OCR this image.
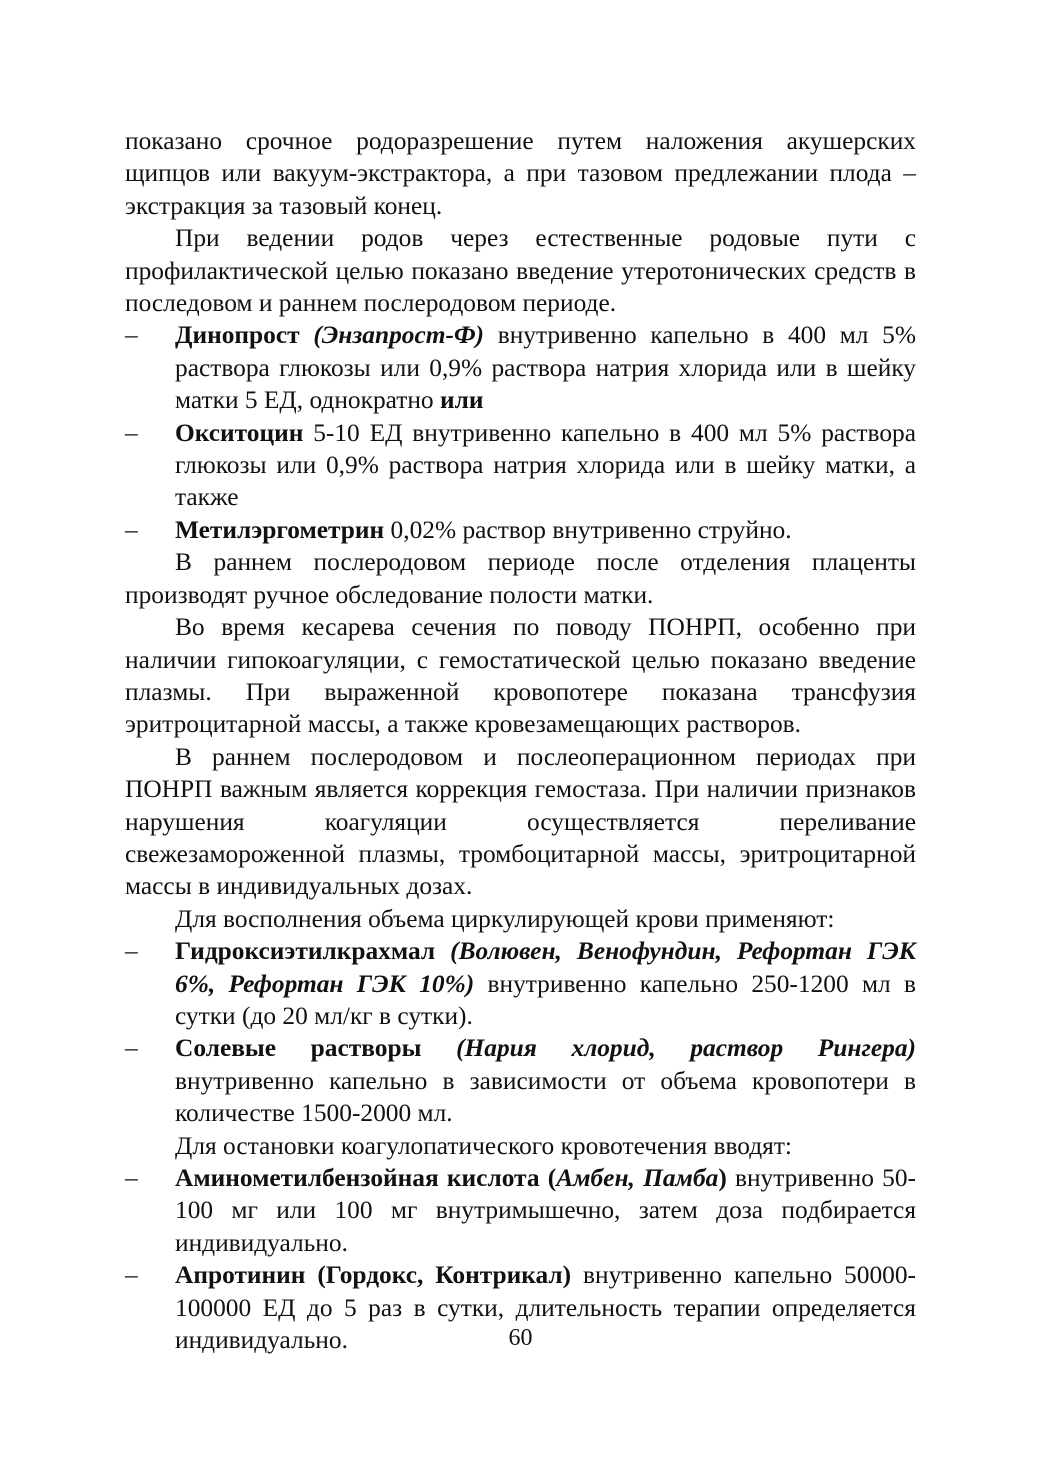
показано срочное родоразрешение путем наложения акушерских щипцов или вакуум-экстрактора, а при тазовом предлежании плода – экстракция за тазовый конец.

При ведении родов через естественные родовые пути с профилактической целью показано введение утеротонических средств в последовом и раннем послеродовом периоде.

–	Динопрост (Энзапрост-Ф) внутривенно капельно в 400 мл 5% раствора глюкозы или 0,9% раствора натрия хлорида или в шейку матки 5 ЕД, однократно или
–	Окситоцин 5-10 ЕД внутривенно капельно в 400 мл 5% раствора глюкозы или 0,9% раствора натрия хлорида или в шейку матки, а также
–	Метилэргометрин 0,02% раствор внутривенно струйно.

В раннем послеродовом периоде после отделения плаценты производят ручное обследование полости матки.

Во время кесарева сечения по поводу ПОНРП, особенно при наличии гипокоагуляции, с гемостатической целью показано введение плазмы. При выраженной кровопотере показана трансфузия эритроцитарной массы, а также кровезамещающих растворов.

В раннем послеродовом и послеоперационном периодах при ПОНРП важным является коррекция гемостаза. При наличии признаков нарушения коагуляции осуществляется переливание свежезамороженной плазмы, тромбоцитарной массы, эритроцитарной массы в индивидуальных дозах.

Для восполнения объема циркулирующей крови применяют:

–	Гидроксиэтилкрахмал (Волювен, Венофундин, Рефортан ГЭК 6%, Рефортан ГЭК 10%) внутривенно капельно 250-1200 мл в сутки (до 20 мл/кг в сутки).
–	Солевые растворы (Нария хлорид, раствор Рингера) внутривенно капельно в зависимости от объема кровопотери в количестве 1500-2000 мл.

Для остановки коагулопатического кровотечения вводят:

–	Аминометилбензойная кислота (Амбен, Памба) внутривенно 50-100 мг или 100 мг внутримышечно, затем доза подбирается индивидуально.
–	Апротинин (Гордокс, Контрикал) внутривенно капельно 50000-100000 ЕД до 5 раз в сутки, длительность терапии определяется индивидуально.	60
